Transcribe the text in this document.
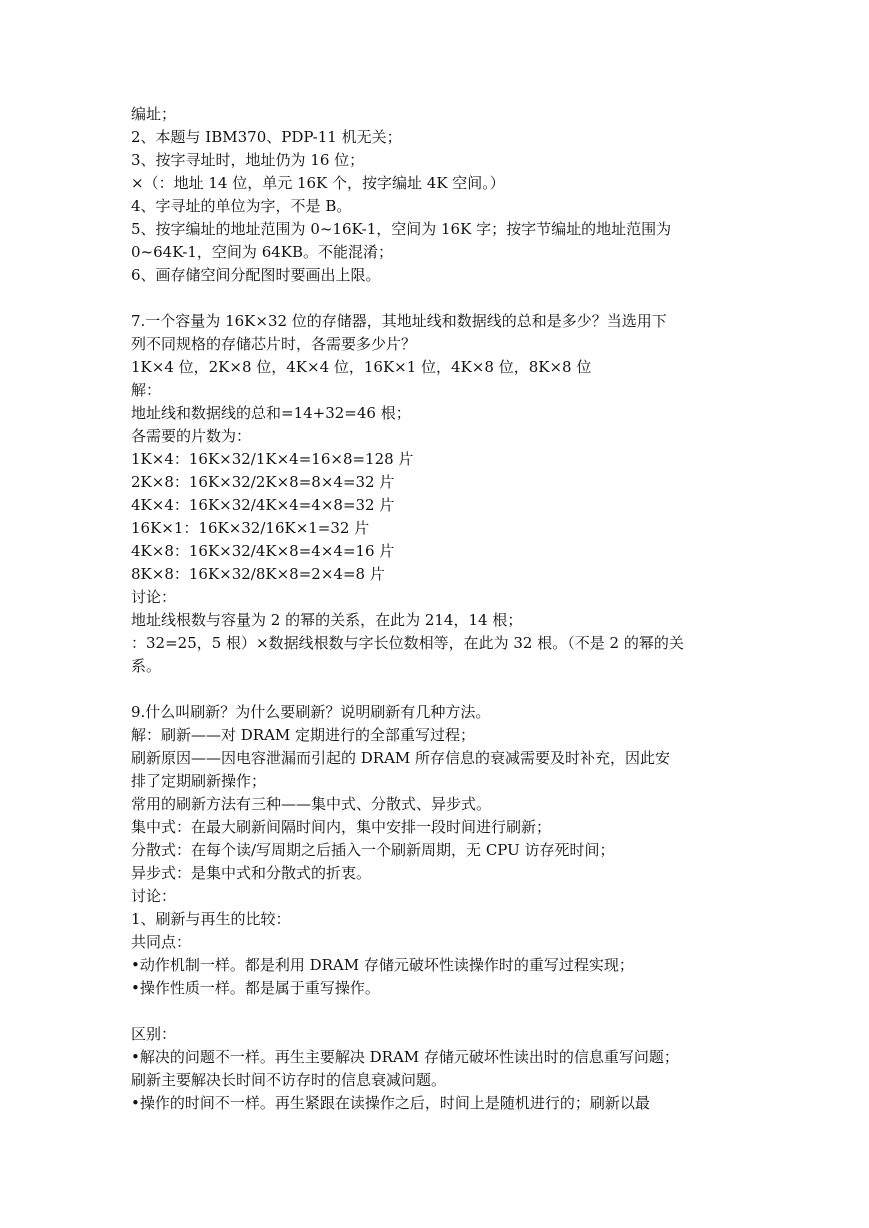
编址；
2、本题与 IBM370、PDP-11 机无关；
3、按字寻址时，地址仍为 16 位；
×（：地址 14 位，单元 16K 个，按字编址 4K 空间。）
4、字寻址的单位为字，不是 B。
5、按字编址的地址范围为 0~16K-1，空间为 16K 字；按字节编址的地址范围为
0~64K-1，空间为 64KB。不能混淆；
6、画存储空间分配图时要画出上限。
7.一个容量为 16K×32 位的存储器，其地址线和数据线的总和是多少？当选用下
列不同规格的存储芯片时，各需要多少片？
1K×4 位，2K×8 位，4K×4 位，16K×1 位，4K×8 位，8K×8 位
解：
地址线和数据线的总和=14+32=46 根；
各需要的片数为：
1K×4：16K×32/1K×4=16×8=128 片
2K×8：16K×32/2K×8=8×4=32 片
4K×4：16K×32/4K×4=4×8=32 片
16K×1：16K×32/16K×1=32 片
4K×8：16K×32/4K×8=4×4=16 片
8K×8：16K×32/8K×8=2×4=8 片
讨论：
地址线根数与容量为 2 的幂的关系，在此为 214，14 根；
：32=25，5 根）×数据线根数与字长位数相等，在此为 32 根。（不是 2 的幂的关
系。
9.什么叫刷新？为什么要刷新？说明刷新有几种方法。
解：刷新——对 DRAM 定期进行的全部重写过程；
刷新原因——因电容泄漏而引起的 DRAM 所存信息的衰减需要及时补充，因此安
排了定期刷新操作；
常用的刷新方法有三种——集中式、分散式、异步式。
集中式：在最大刷新间隔时间内，集中安排一段时间进行刷新；
分散式：在每个读/写周期之后插入一个刷新周期，无 CPU 访存死时间；
异步式：是集中式和分散式的折衷。
讨论：
1、刷新与再生的比较：
共同点：
•动作机制一样。都是利用 DRAM 存储元破坏性读操作时的重写过程实现；
•操作性质一样。都是属于重写操作。
区别：
•解决的问题不一样。再生主要解决 DRAM 存储元破坏性读出时的信息重写问题；
刷新主要解决长时间不访存时的信息衰减问题。
•操作的时间不一样。再生紧跟在读操作之后，时间上是随机进行的；刷新以最
